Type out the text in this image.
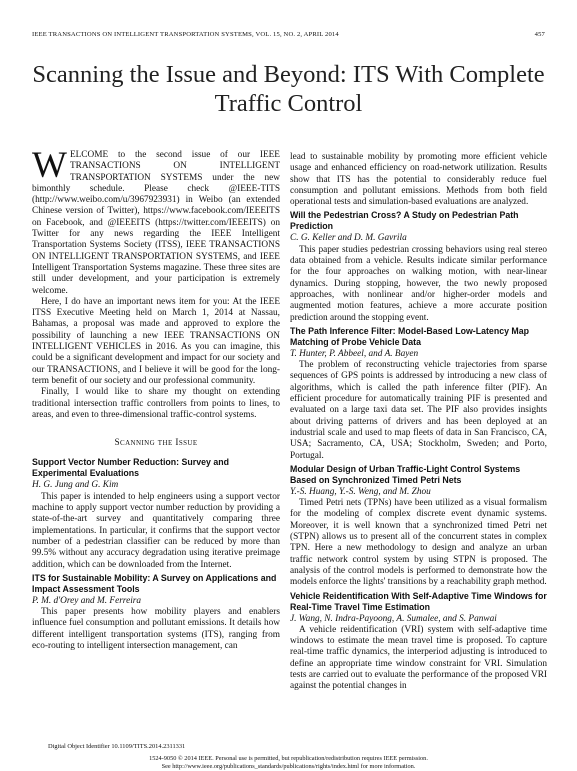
IEEE TRANSACTIONS ON INTELLIGENT TRANSPORTATION SYSTEMS, VOL. 15, NO. 2, APRIL 2014	457
Scanning the Issue and Beyond: ITS With Complete Traffic Control

WELCOME to the second issue of our IEEE TRANSACTIONS ON INTELLIGENT TRANSPORTATION SYSTEMS under the new bimonthly schedule. Please check @IEEE-TITS (http://www.weibo.com/u/3967923931) in Weibo (an extended Chinese version of Twitter), https://www.facebook.com/IEEEITS on Facebook, and @IEEEITS (https://twitter.com/IEEEITS) on Twitter for any news regarding the IEEE Intelligent Transportation Systems Society (ITSS), IEEE TRANSACTIONS ON INTELLIGENT TRANSPORTATION SYSTEMS, and IEEE Intelligent Transportation Systems magazine. These three sites are still under development, and your participation is extremely welcome.

Here, I do have an important news item for you: At the IEEE ITSS Executive Meeting held on March 1, 2014 at Nassau, Bahamas, a proposal was made and approved to explore the possibility of launching a new IEEE TRANSACTIONS ON INTELLIGENT VEHICLES in 2016. As you can imagine, this could be a significant development and impact for our society and our TRANSACTIONS, and I believe it will be good for the long-term benefit of our society and our professional community.

Finally, I would like to share my thought on extending traditional intersection traffic controllers from points to lines, to areas, and even to three-dimensional traffic-control systems.

Scanning the Issue
Support Vector Number Reduction: Survey and Experimental Evaluations

H. G. Jung and G. Kim

This paper is intended to help engineers using a support vector machine to apply support vector number reduction by providing a state-of-the-art survey and quantitatively comparing three implementations. In particular, it confirms that the support vector number of a pedestrian classifier can be reduced by more than 99.5% without any accuracy degradation using iterative preimage addition, which can be downloaded from the Internet.

ITS for Sustainable Mobility: A Survey on Applications and Impact Assessment Tools

P. M. d'Orey and M. Ferreira

This paper presents how mobility players and enablers influence fuel consumption and pollutant emissions. It details how different intelligent transportation systems (ITS), ranging from eco-routing to intelligent intersection management, can

lead to sustainable mobility by promoting more efficient vehicle usage and enhanced efficiency on road-network utilization. Results show that ITS has the potential to considerably reduce fuel consumption and pollutant emissions. Methods from both field operational tests and simulation-based evaluations are analyzed.

Will the Pedestrian Cross? A Study on Pedestrian Path Prediction

C. G. Keller and D. M. Gavrila

This paper studies pedestrian crossing behaviors using real stereo data obtained from a vehicle. Results indicate similar performance for the four approaches on walking motion, with near-linear dynamics. During stopping, however, the two newly proposed approaches, with nonlinear and/or higher-order models and augmented motion features, achieve a more accurate position prediction around the stopping event.

The Path Inference Filter: Model-Based Low-Latency Map Matching of Probe Vehicle Data

T. Hunter, P. Abbeel, and A. Bayen

The problem of reconstructing vehicle trajectories from sparse sequences of GPS points is addressed by introducing a new class of algorithms, which is called the path inference filter (PIF). An efficient procedure for automatically training PIF is presented and evaluated on a large taxi data set. The PIF also provides insights about driving patterns of drivers and has been deployed at an industrial scale and used to map fleets of data in San Francisco, CA, USA; Sacramento, CA, USA; Stockholm, Sweden; and Porto, Portugal.

Modular Design of Urban Traffic-Light Control Systems Based on Synchronized Timed Petri Nets

Y.-S. Huang, Y.-S. Weng, and M. Zhou

Timed Petri nets (TPNs) have been utilized as a visual formalism for the modeling of complex discrete event dynamic systems. Moreover, it is well known that a synchronized timed Petri net (STPN) allows us to present all of the concurrent states in complex TPN. Here a new methodology to design and analyze an urban traffic network control system by using STPN is proposed. The analysis of the control models is performed to demonstrate how the models enforce the lights' transitions by a reachability graph method.

Vehicle Reidentification With Self-Adaptive Time Windows for Real-Time Travel Time Estimation

J. Wang, N. Indra-Payoong, A. Sumalee, and S. Panwai

A vehicle reidentification (VRI) system with self-adaptive time windows to estimate the mean travel time is proposed. To capture real-time traffic dynamics, the interperiod adjusting is introduced to define an appropriate time window constraint for VRI. Simulation tests are carried out to evaluate the performance of the proposed VRI against the potential changes in

Digital Object Identifier 10.1109/TITS.2014.2311331
1524-9050 © 2014 IEEE. Personal use is permitted, but republication/redistribution requires IEEE permission.
See http://www.ieee.org/publications_standards/publications/rights/index.html for more information.
